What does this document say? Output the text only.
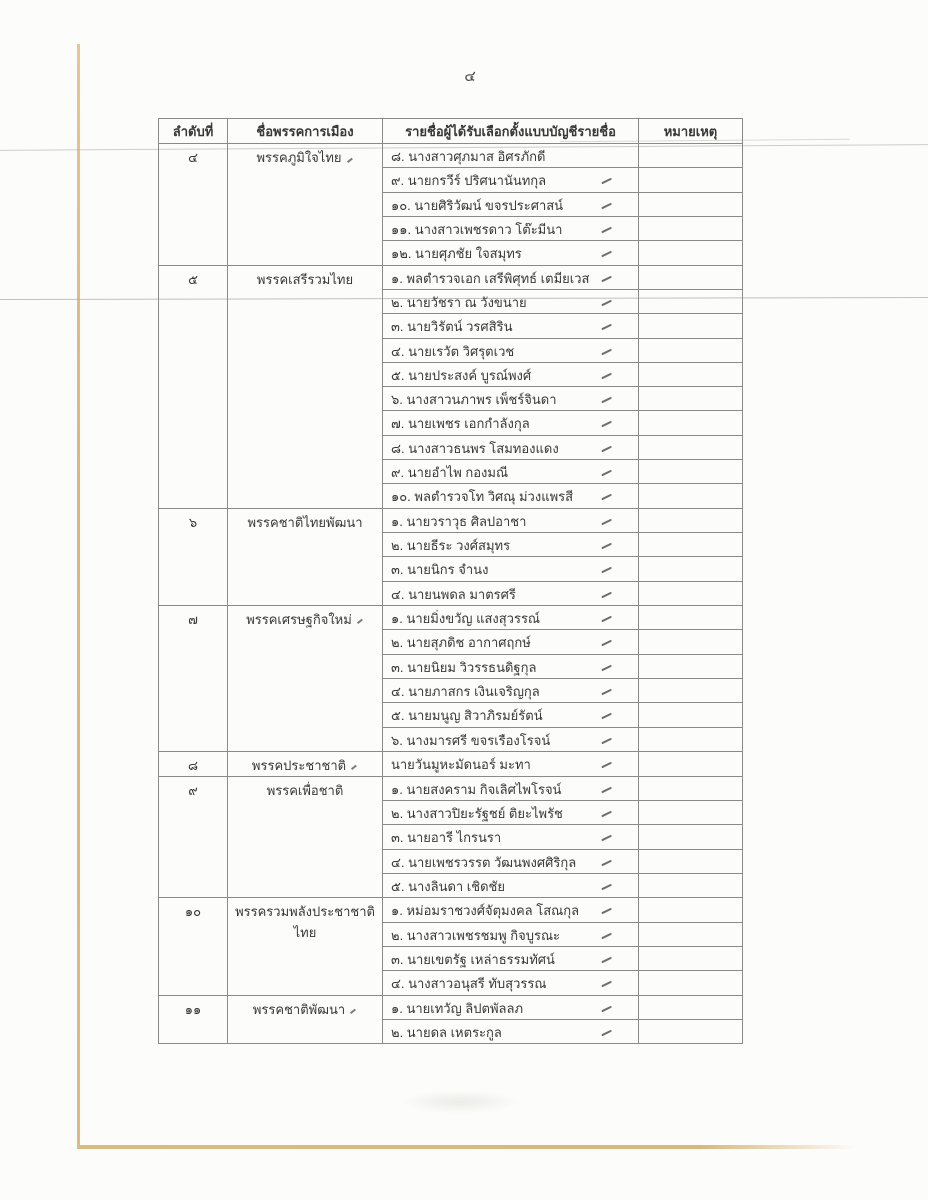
๔
ลำดับที่	ชื่อพรรคการเมือง	รายชื่อผู้ได้รับเลือกตั้งแบบบัญชีรายชื่อ	หมายเหตุ
๔	พรรคภูมิใจไทย	๘. นางสาวศุภมาส อิศรภักดี	
		๙. นายกรวีร์ ปริศนานันทกุล

		๑๐. นายศิริวัฒน์ ขจรประศาสน์

		๑๑. นางสาวเพชรดาว โต๊ะมีนา

		๑๒. นายศุภชัย ใจสมุทร

๕	พรรคเสรีรวมไทย	๑. พลตำรวจเอก เสรีพิศุทธ์ เตมียเวส

		๒. นายวัชรา ณ วังขนาย

		๓. นายวิรัตน์ วรศสิริน

		๔. นายเรวัต วิศรุตเวช

		๕. นายประสงค์ บูรณ์พงศ์

		๖. นางสาวนภาพร เพ็ชร์จินดา

		๗. นายเพชร เอกกำลังกุล

		๘. นางสาวธนพร โสมทองแดง

		๙. นายอำไพ กองมณี

		๑๐. พลตำรวจโท วิศณุ ม่วงแพรสี

๖	พรรคชาติไทยพัฒนา	๑. นายวราวุธ ศิลปอาชา

		๒. นายธีระ วงศ์สมุทร

		๓. นายนิกร จำนง

		๔. นายนพดล มาตรศรี

๗	พรรคเศรษฐกิจใหม่	๑. นายมิ่งขวัญ แสงสุวรรณ์

		๒. นายสุภดิช อากาศฤกษ์

		๓. นายนิยม วิวรรธนดิฐกุล

		๔. นายภาสกร เงินเจริญกุล

		๕. นายมนูญ สิวาภิรมย์รัตน์

		๖. นางมารศรี ขจรเรืองโรจน์

๘	พรรคประชาชาติ	นายวันมูหะมัดนอร์ มะทา

๙	พรรคเพื่อชาติ	๑. นายสงคราม กิจเลิศไพโรจน์

		๒. นางสาวปิยะรัฐชย์ ติยะไพรัช

		๓. นายอารี ไกรนรา

		๔. นายเพชรวรรต วัฒนพงศศิริกุล

		๕. นางลินดา เชิดชัย

๑๐	พรรครวมพลังประชาชาติไทย	๑. หม่อมราชวงศ์จัตุมงคล โสณกุล

		๒. นางสาวเพชรชมพู กิจบูรณะ

		๓. นายเขตรัฐ เหล่าธรรมทัศน์

		๔. นางสาวอนุสรี ทับสุวรรณ

๑๑	พรรคชาติพัฒนา	๑. นายเทวัญ ลิปตพัลลภ

		๒. นายดล เหตระกูล
